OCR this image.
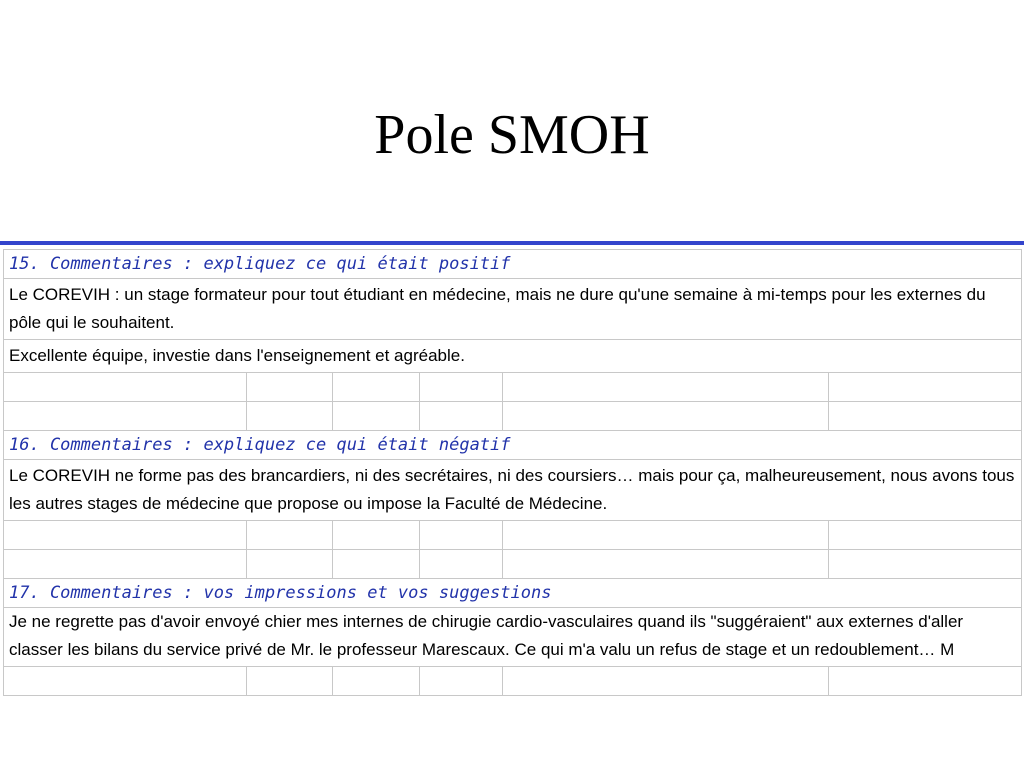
Pole SMOH
15. Commentaires : expliquez ce qui était positif					
Le COREVIH : un stage formateur pour tout étudiant en médecine, mais ne dure qu'une semaine à mi-temps pour les externes du pôle qui le souhaitent.					
Excellente équipe, investie dans l'enseignement et agréable.					

16. Commentaires : expliquez ce qui était négatif					
Le COREVIH ne forme pas des brancardiers, ni des secrétaires, ni des coursiers… mais pour ça, malheureusement, nous avons tous les autres stages de médecine que propose ou impose la Faculté de Médecine.					

17. Commentaires : vos impressions et vos suggestions					
Je ne regrette pas d'avoir envoyé chier mes internes de chirugie cardio-vasculaires quand ils "suggéraient" aux externes d'aller classer les bilans du service privé de Mr. le professeur Marescaux. Ce qui m'a valu un refus de stage et un redoublement… M					
